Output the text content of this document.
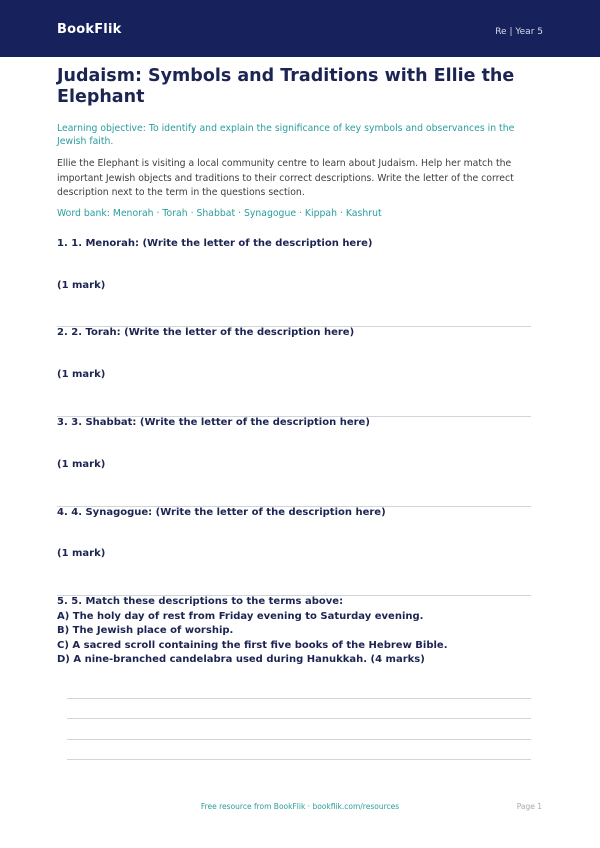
BookFlik	Re | Year 5
Judaism: Symbols and Traditions with Ellie the Elephant
Learning objective: To identify and explain the significance of key symbols and observances in the Jewish faith.
Ellie the Elephant is visiting a local community centre to learn about Judaism. Help her match the important Jewish objects and traditions to their correct descriptions. Write the letter of the correct description next to the term in the questions section.
Word bank: Menorah · Torah · Shabbat · Synagogue · Kippah · Kashrut
1. 1. Menorah: (Write the letter of the description here)
(1 mark)
2. 2. Torah: (Write the letter of the description here)
(1 mark)
3. 3. Shabbat: (Write the letter of the description here)
(1 mark)
4. 4. Synagogue: (Write the letter of the description here)
(1 mark)
5. 5. Match these descriptions to the terms above:
A) The holy day of rest from Friday evening to Saturday evening.
B) The Jewish place of worship.
C) A sacred scroll containing the first five books of the Hebrew Bible.
D) A nine-branched candelabra used during Hanukkah. (4 marks)
Free resource from BookFlik · bookflik.com/resources	Page 1
